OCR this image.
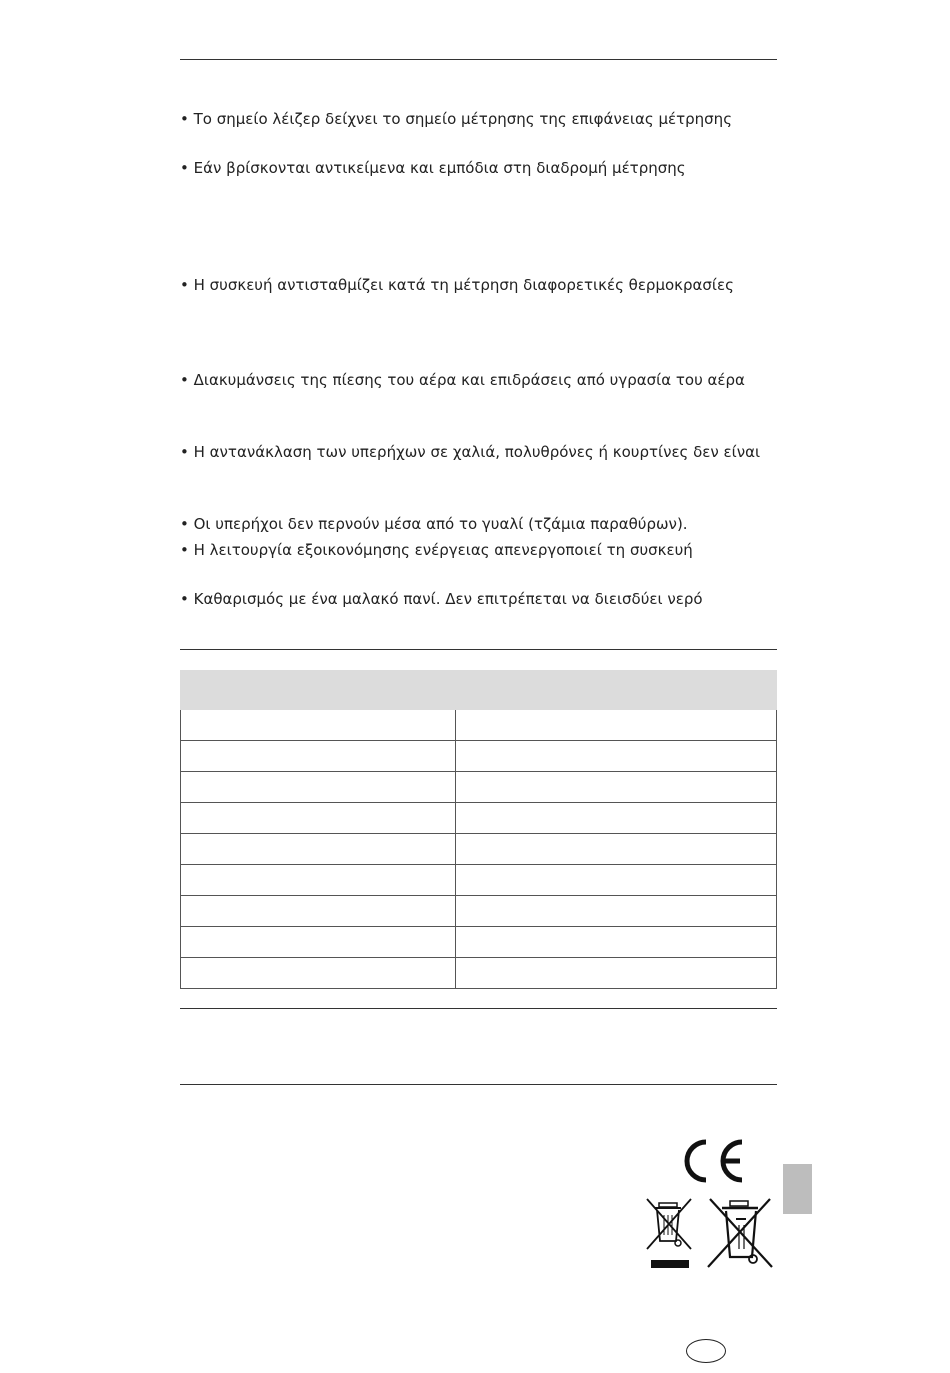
• Το σημείο λέιζερ δείχνει το σημείο μέτρησης της επιφάνειας μέτρησης
• Εάν βρίσκονται αντικείμενα και εμπόδια στη διαδρομή μέτρησης
• Η συσκευή αντισταθμίζει κατά τη μέτρηση διαφορετικές θερμοκρασίες
• Διακυμάνσεις της πίεσης του αέρα και επιδράσεις από υγρασία του αέρα
• Η αντανάκλαση των υπερήχων σε χαλιά, πολυθρόνες ή κουρτίνες δεν είναι
• Οι υπερήχοι δεν περνούν μέσα από το γυαλί (τζάμια παραθύρων).
• Η λειτουργία εξοικονόμησης ενέργειας απενεργοποιεί τη συσκευή
• Καθαρισμός με ένα μαλακό πανί. Δεν επιτρέπεται να διεισδύει νερό
